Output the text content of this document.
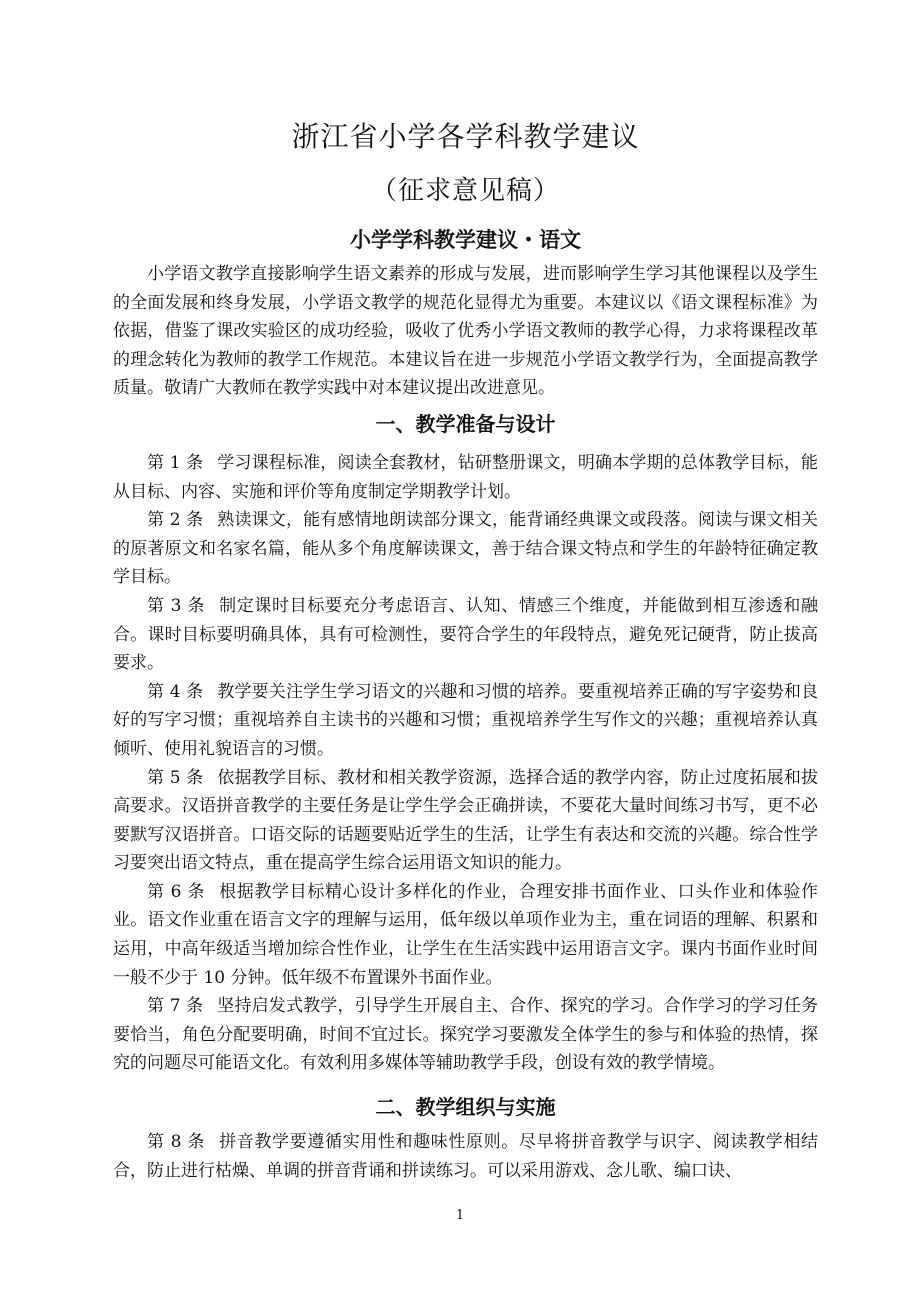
浙江省小学各学科教学建议
（征求意见稿）
小学学科教学建议・语文

小学语文教学直接影响学生语文素养的形成与发展，进而影响学生学习其他课程以及学生的全面发展和终身发展，小学语文教学的规范化显得尤为重要。本建议以《语文课程标准》为依据，借鉴了课改实验区的成功经验，吸收了优秀小学语文教师的教学心得，力求将课程改革的理念转化为教师的教学工作规范。本建议旨在进一步规范小学语文教学行为，全面提高教学质量。敬请广大教师在教学实践中对本建议提出改进意见。

一、教学准备与设计

第 1 条 学习课程标准，阅读全套教材，钻研整册课文，明确本学期的总体教学目标，能从目标、内容、实施和评价等角度制定学期教学计划。

第 2 条 熟读课文，能有感情地朗读部分课文，能背诵经典课文或段落。阅读与课文相关的原著原文和名家名篇，能从多个角度解读课文，善于结合课文特点和学生的年龄特征确定教学目标。

第 3 条 制定课时目标要充分考虑语言、认知、情感三个维度，并能做到相互渗透和融合。课时目标要明确具体，具有可检测性，要符合学生的年段特点，避免死记硬背，防止拔高要求。

第 4 条 教学要关注学生学习语文的兴趣和习惯的培养。要重视培养正确的写字姿势和良好的写字习惯；重视培养自主读书的兴趣和习惯；重视培养学生写作文的兴趣；重视培养认真倾听、使用礼貌语言的习惯。

第 5 条 依据教学目标、教材和相关教学资源，选择合适的教学内容，防止过度拓展和拔高要求。汉语拼音教学的主要任务是让学生学会正确拼读，不要花大量时间练习书写，更不必要默写汉语拼音。口语交际的话题要贴近学生的生活，让学生有表达和交流的兴趣。综合性学习要突出语文特点，重在提高学生综合运用语文知识的能力。

第 6 条 根据教学目标精心设计多样化的作业，合理安排书面作业、口头作业和体验作业。语文作业重在语言文字的理解与运用，低年级以单项作业为主，重在词语的理解、积累和运用，中高年级适当增加综合性作业，让学生在生活实践中运用语言文字。课内书面作业时间一般不少于 10 分钟。低年级不布置课外书面作业。

第 7 条 坚持启发式教学，引导学生开展自主、合作、探究的学习。合作学习的学习任务要恰当，角色分配要明确，时间不宜过长。探究学习要激发全体学生的参与和体验的热情，探究的问题尽可能语文化。有效利用多媒体等辅助教学手段，创设有效的教学情境。

二、教学组织与实施

第 8 条 拼音教学要遵循实用性和趣味性原则。尽早将拼音教学与识字、阅读教学相结合，防止进行枯燥、单调的拼音背诵和拼读练习。可以采用游戏、念儿歌、编口诀、

1
